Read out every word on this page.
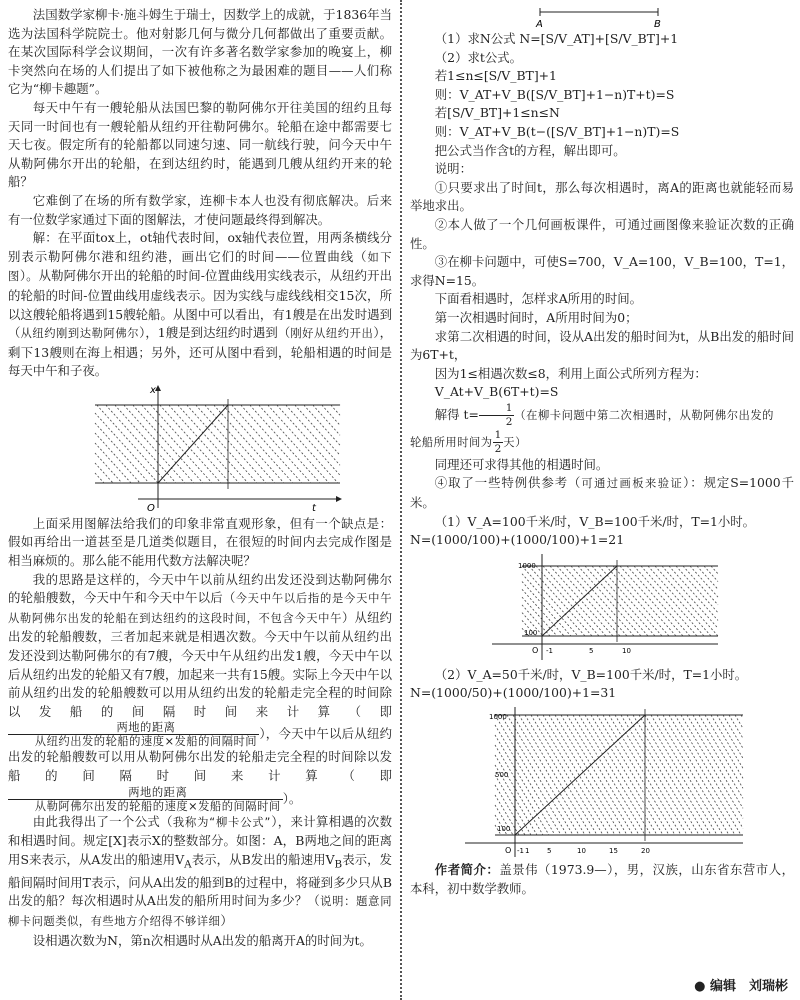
法国数学家柳卡·施斗姆生于瑞士，因数学上的成就，于1836年当选为法国科学院院士。他对射影几何与微分几何都做出了重要贡献。在某次国际科学会议期间，一次有许多著名数学家参加的晚宴上，柳卡突然向在场的人们提出了如下被他称之为最困难的题目——人们称它为“柳卡趣题”。

每天中午有一艘轮船从法国巴黎的勒阿佛尔开往美国的纽约且每天同一时间也有一艘轮船从纽约开往勒阿佛尔。轮船在途中都需要七天七夜。假定所有的轮船都以同速匀速、同一航线行驶，问今天中午从勒阿佛尔开出的轮船，在到达纽约时，能遇到几艘从纽约开来的轮船？

它难倒了在场的所有数学家，连柳卡本人也没有彻底解决。后来有一位数学家通过下面的图解法，才使问题最终得到解决。

解：在平面tox上，ot轴代表时间，ox轴代表位置，用两条横线分别表示勒阿佛尔港和纽约港，画出它们的时间——位置曲线（如下图）。从勒阿佛尔开出的轮船的时间-位置曲线用实线表示，从纽约开出的轮船的时间-位置曲线用虚线表示。因为实线与虚线线相交15次，所以这艘轮船将遇到15艘轮船。从图中可以看出，有1艘是在出发时遇到（从纽约刚到达勒阿佛尔），1艘是到达纽约时遇到（刚好从纽约开出），剩下13艘则在海上相遇；另外，还可从图中看到，轮船相遇的时间是每天中午和子夜。

x
t
O

上面采用图解法给我们的印象非常直观形象，但有一个缺点是：假如再给出一道甚至是几道类似题目，在很短的时间内去完成作图是相当麻烦的。那么能不能用代数方法解决呢？

我的思路是这样的，今天中午以前从纽约出发还没到达勒阿佛尔的轮船艘数，今天中午和今天中午以后（今天中午以后指的是今天中午从勒阿佛尔出发的轮船在到达纽约的这段时间，不包含今天中午）从纽约出发的轮船艘数，三者加起来就是相遇次数。今天中午以前从纽约出发还没到达勒阿佛尔的有7艘，今天中午从纽约出发1艘，今天中午以后从纽约出发的轮船又有7艘，加起来一共有15艘。实际上今天中午以前从纽约出发的轮船艘数可以用从纽约出发的轮船走完全程的时间除以发船的间隔时间来计算（即
$\frac{\text{两地的距离}}{\text{从纽约出发的轮船的速度×发船的间隔时间}}$ ），今天中午以后从纽约出发的轮船艘数可以用从勒阿佛尔出发的轮船走完全程的时间除以发船的间隔时间来计算（即
$\frac{\text{两地的距离}}{\text{从勒阿佛尔出发的轮船的速度×发船的间隔时间}}$ ）。

由此我得出了一个公式（我称为“柳卡公式”），来计算相遇的次数和相遇时间。规定[X]表示X的整数部分。如图：A，B两地之间的距离用S来表示，从A发出的船速用$V_A$表示，从B发出的船速用$V_B$表示，发船间隔时间用T表示，问从A出发的船到B的过程中，将碰到多少只从B出发的船？每次相遇时从A出发的船所用时间为多少？（说明：题意同柳卡问题类似，有些地方介绍得不够详细）

设相遇次数为N，第n次相遇时从A出发的船离开A的时间为t。

A	B

（1）求N公式 N=[S/V_AT]+[S/V_BT]+1

（2）求t公式。

若1≤n≤[S/V_BT]+1

则：V_AT+V_B([S/V_BT]+1−n)T+t)=S

若[S/V_BT]+1≤n≤N

则：V_AT+V_B(t−([S/V_BT]+1−n)T)=S

把公式当作含t的方程，解出即可。

说明：

①只要求出了时间t，那么每次相遇时，离A的距离也就能轻而易举地求出。

②本人做了一个几何画板课件，可通过画图像来验证次数的正确性。

③在柳卡问题中，可使S=700，V_A=100，V_B=100，T=1，求得N=15。

下面看相遇时，怎样求A所用的时间。

第一次相遇时间时，A所用时间为0；

求第二次相遇的时间，设从A出发的船时间为t，从B出发的船时间为6T+t，

因为1≤相遇次数≤8，利用上面公式所列方程为：

V_At+V_B(6T+t)=S

解得 $t= \frac{1}{2}$ （在柳卡问题中第二次相遇时，从勒阿佛尔出发的

轮船所用时间为 $\frac{1}{2}$ 天）

同理还可求得其他的相遇时间。

④取了一些特例供参考（可通过画板来验证）：规定S=1000千米。

（1）V_A=100千米/时，V_B=100千米/时，T=1小时。

N=(1000/100)+(1000/100)+1=21

1000
100
O -1	5	10

（2）V_A=50千米/时，V_B=100千米/时，T=1小时。

N=(1000/50)+(1000/100)+1=31

1000
500
100
O -1 1	5	10	15	20

作者简介：盖景伟（1973.9—），男，汉族，山东省东营市人，本科，初中数学教师。

● 编辑　刘瑞彬
